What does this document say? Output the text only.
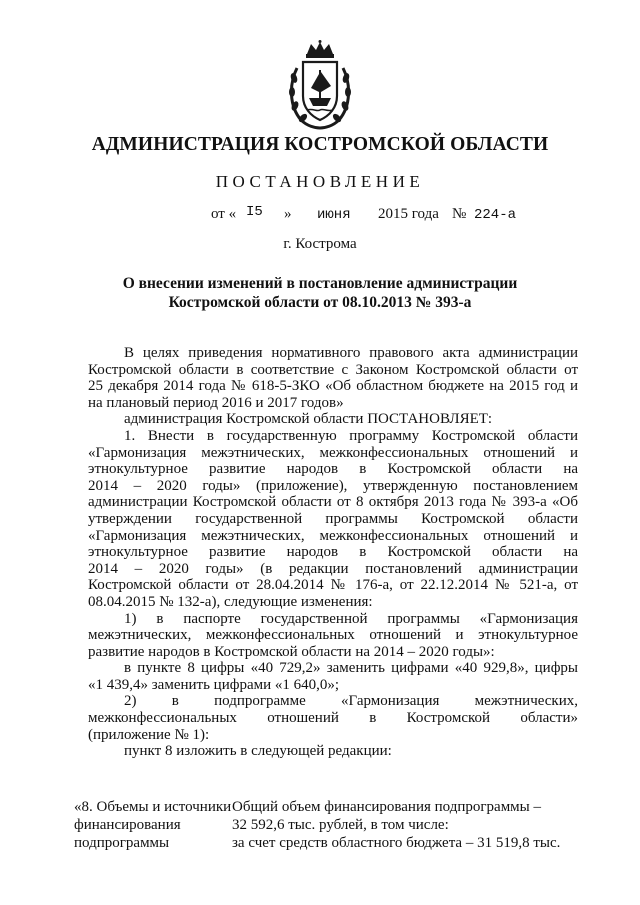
АДМИНИСТРАЦИЯ КОСТРОМСКОЙ ОБЛАСТИ
ПОСТАНОВЛЕНИЕ
от « I5 » июня 2015 года № 224-а
г. Кострома
О внесении изменений в постановление администрации
Костромской области от 08.10.2013 № 393-а

В целях приведения нормативного правового акта администрации

Костромской области в соответствие с Законом Костромской области от

25 декабря 2014 года № 618-5-ЗКО «Об областном бюджете на 2015 год и

на плановый период 2016 и 2017 годов»

администрация Костромской области ПОСТАНОВЛЯЕТ:

1. Внести в государственную программу Костромской области

«Гармонизация межэтнических, межконфессиональных отношений и

этнокультурное развитие народов в Костромской области на

2014 – 2020 годы» (приложение), утвержденную постановлением

администрации Костромской области от 8 октября 2013 года № 393-а «Об

утверждении государственной программы Костромской области

«Гармонизация межэтнических, межконфессиональных отношений и

этнокультурное развитие народов в Костромской области на

2014 – 2020 годы» (в редакции постановлений администрации

Костромской области от 28.04.2014 № 176-а, от 22.12.2014 № 521-а, от

08.04.2015 № 132-а), следующие изменения:

1) в паспорте государственной программы «Гармонизация

межэтнических, межконфессиональных отношений и этнокультурное

развитие народов в Костромской области на 2014 – 2020 годы»:

в пункте 8 цифры «40 729,2» заменить цифрами «40 929,8», цифры

«1 439,4» заменить цифрами «1 640,0»;

2) в подпрограмме «Гармонизация межэтнических,

межконфессиональных отношений в Костромской области»

(приложение № 1):

пункт 8 изложить в следующей редакции:

«8. Объемы и источники
финансирования
подпрограммы
Общий объем финансирования подпрограммы –
32 592,6 тыс. рублей, в том числе:
за счет средств областного бюджета – 31 519,8 тыс.
